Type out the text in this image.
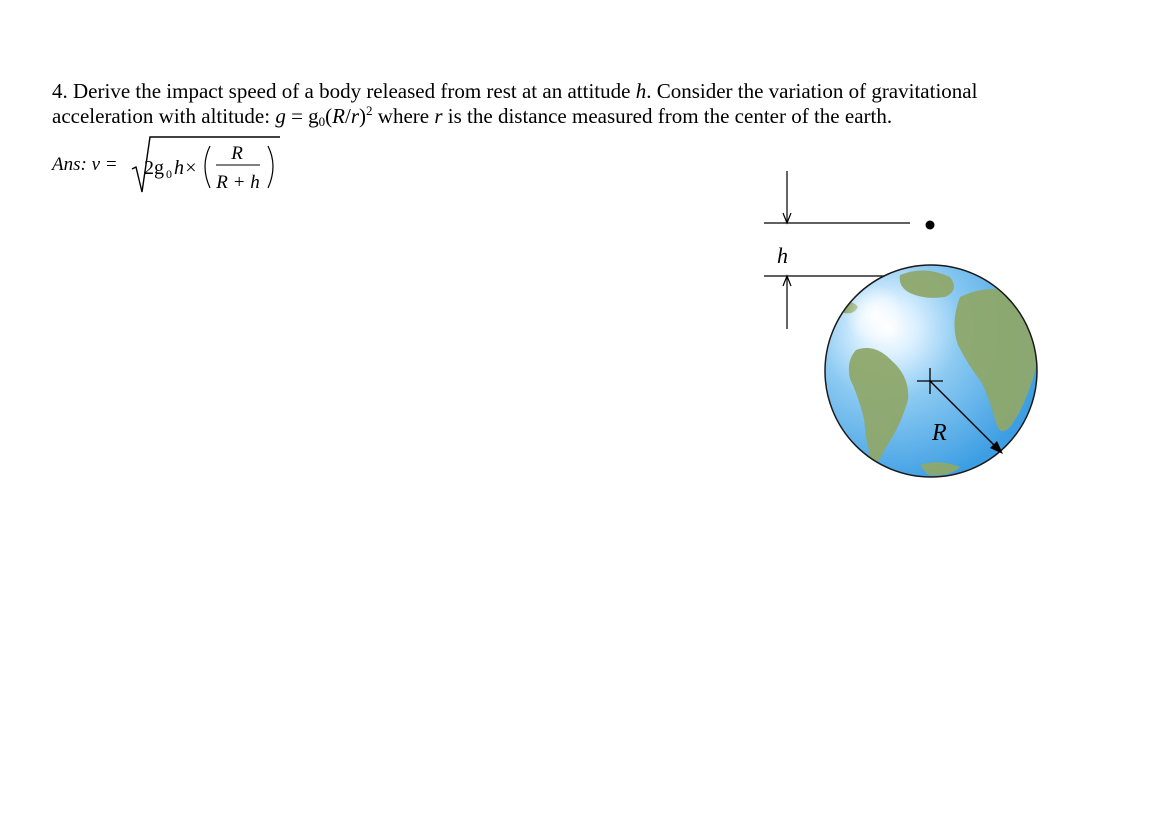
4. Derive the impact speed of a body released from rest at an attitude h. Consider the variation of gravitational

acceleration with altitude: $g = g_0(R/r)^2$ where r is the distance measured from the center of the earth.

Ans: v = 2g 0 h×
R
R + h
h
R
